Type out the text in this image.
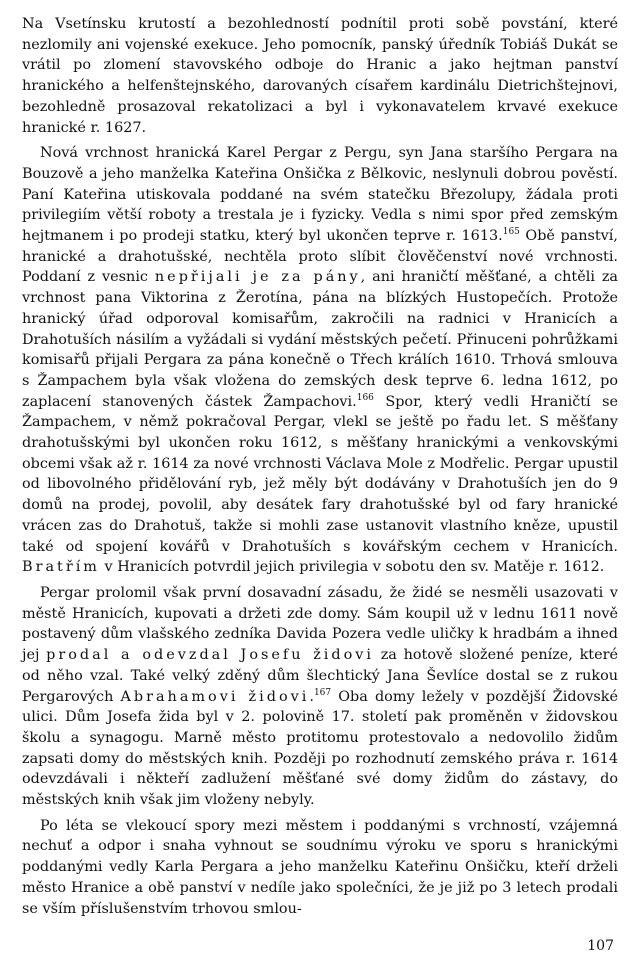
Na Vsetínsku krutostí a bezohledností podnítil proti sobě povstání, které nezlomily ani vojenské exekuce. Jeho pomocník, panský úředník Tobiáš Dukát se vrátil po zlomení stavovského odboje do Hranic a jako hejtman panství hranického a helfenštejnského, darovaných císařem kardinálu Dietrichštejnovi, bezohledně prosazoval rekatolizaci a byl i vykonavatelem krvavé exekuce hranické r. 1627.

Nová vrchnost hranická Karel Pergar z Pergu, syn Jana staršího Pergara na Bouzově a jeho manželka Kateřina Onšička z Bělkovic, neslynuli dobrou pověstí. Paní Kateřina utiskovala poddané na svém statečku Březolupy, žádala proti privilegiím větší roboty a trestala je i fyzicky. Vedla s nimi spor před zemským hejtmanem i po prodeji statku, který byl ukončen teprve r. 1613.$^{165}$ Obě panství, hranické a drahotušské, nechtěla proto slíbit člověčenství nové vrchnosti. Poddaní z vesnic nepřijali je za pány, ani hraničtí měšťané, a chtěli za vrchnost pana Viktorina z Žerotína, pána na blízkých Hustopečích. Protože hranický úřad odporoval komisařům, zakročili na radnici v Hranicích a Drahotuších násilím a vyžádali si vydání městských pečetí. Přinuceni pohrůžkami komisařů přijali Pergara za pána konečně o Třech králích 1610. Trhová smlouva s Žampachem byla však vložena do zemských desk teprve 6. ledna 1612, po zaplacení stanovených částek Žampachovi.$^{166}$ Spor, který vedli Hraničtí se Žampachem, v němž pokračoval Pergar, vlekl se ještě po řadu let. S měšťany drahotušskými byl ukončen roku 1612, s měšťany hranickými a venkovskými obcemi však až r. 1614 za nové vrchnosti Václava Mole z Modřelic. Pergar upustil od libovolného přidělování ryb, jež měly být dodávány v Drahotuších jen do 9 domů na prodej, povolil, aby desátek fary drahotušské byl od fary hranické vrácen zas do Drahotuš, takže si mohli zase ustanovit vlastního kněze, upustil také od spojení kovářů v Drahotuších s kovářským cechem v Hranicích. Bratřím v Hranicích potvrdil jejich privilegia v sobotu den sv. Matěje r. 1612.

Pergar prolomil však první dosavadní zásadu, že židé se nesměli usazovati v městě Hranicích, kupovati a držeti zde domy. Sám koupil už v lednu 1611 nově postavený dům vlašského zedníka Davida Pozera vedle uličky k hradbám a ihned jej prodal a odevzdal Josefu židovi za hotově složené peníze, které od něho vzal. Také velký zděný dům šlechtický Jana Ševlíce dostal se z rukou Pergarových Abrahamovi židovi.$^{167}$ Oba domy ležely v pozdější Židovské ulici. Dům Josefa žida byl v 2. polovině 17. století pak proměněn v židovskou školu a synagogu. Marně město protitomu protestovalo a nedovolilo židům zapsati domy do městských knih. Později po rozhodnutí zemského práva r. 1614 odevzdávali i někteří zadlužení měšťané své domy židům do zástavy, do městských knih však jim vloženy nebyly.

Po léta se vlekoucí spory mezi městem i poddanými s vrchností, vzájemná nechuť a odpor i snaha vyhnout se soudnímu výroku ve sporu s hranickými poddanými vedly Karla Pergara a jeho manželku Kateřinu Onšičku, kteří drželi město Hranice a obě panství v nedíle jako společníci, že je již po 3 letech prodali se vším příslušenstvím trhovou smlou-

107
